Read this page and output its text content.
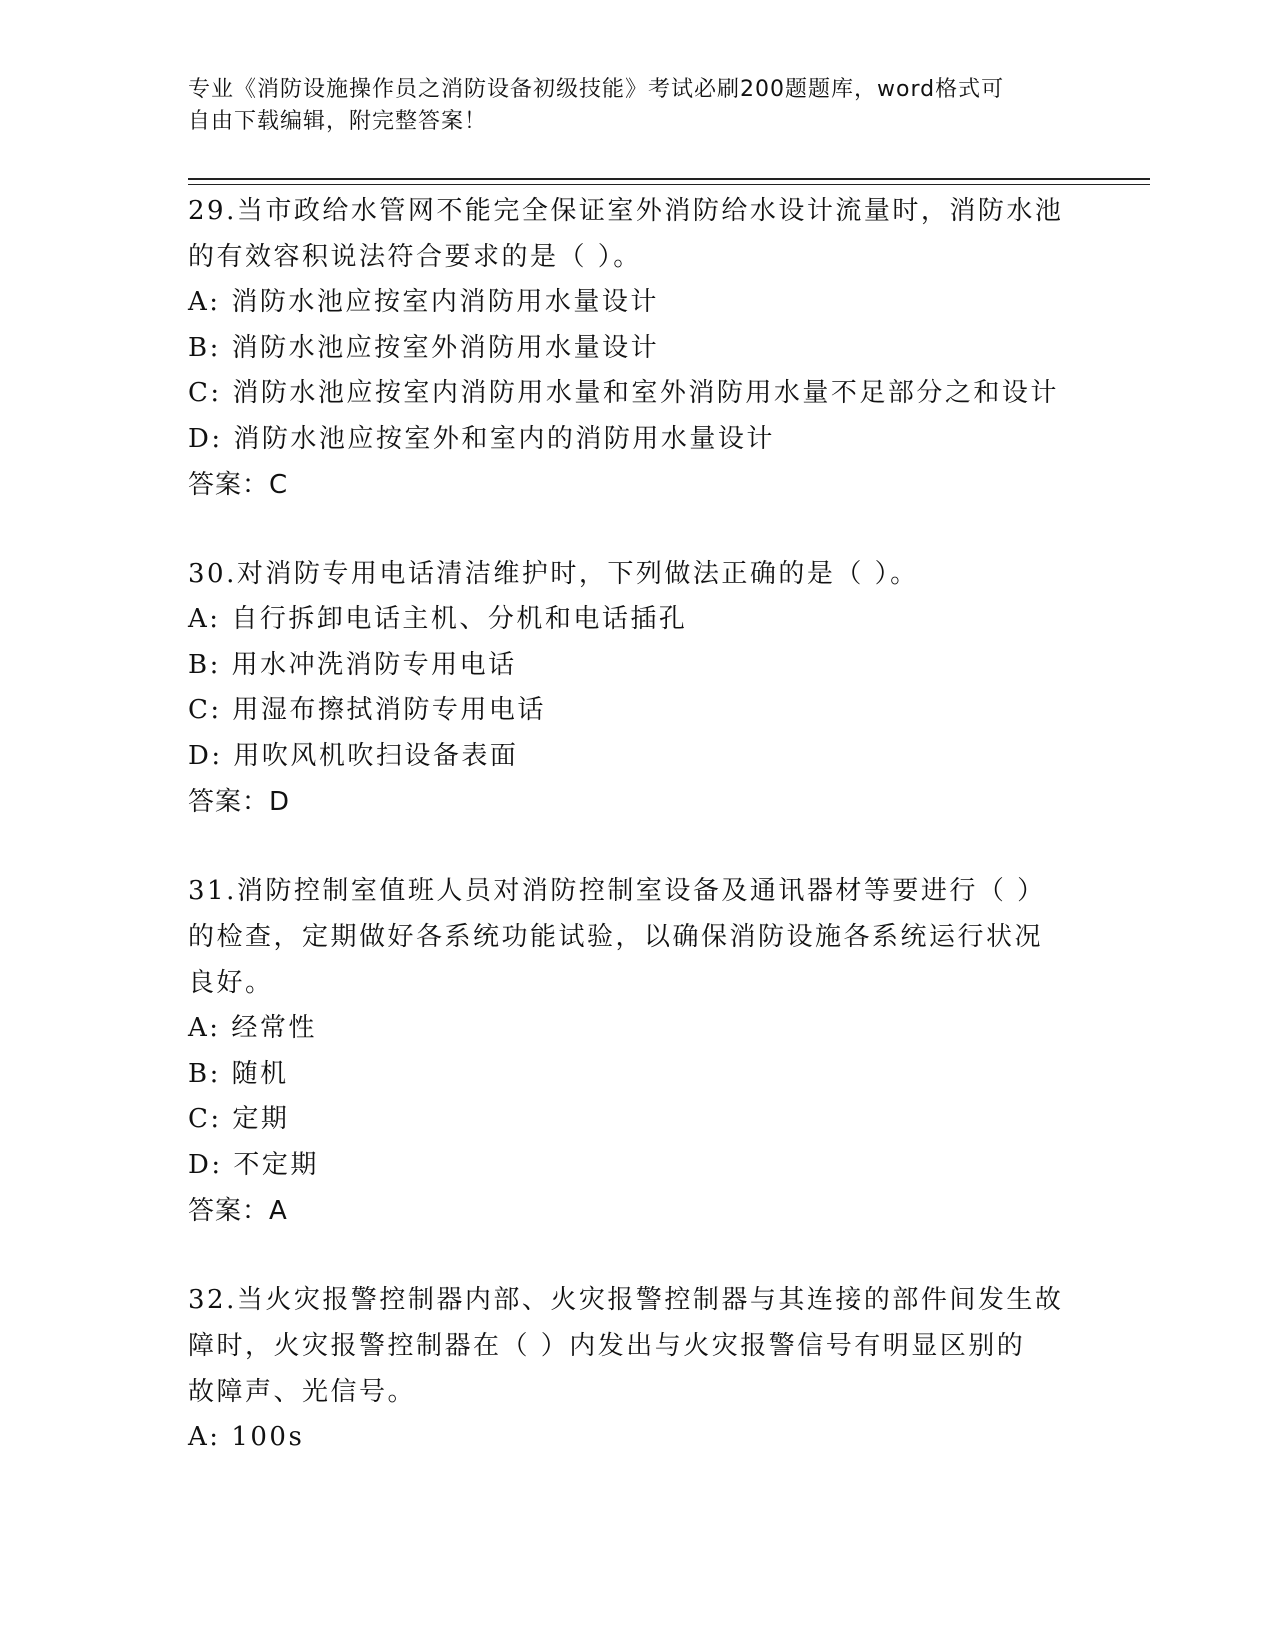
专业《消防设施操作员之消防设备初级技能》考试必刷200题题库，word格式可
自由下载编辑，附完整答案！

29.当市政给水管网不能完全保证室外消防给水设计流量时，消防水池

的有效容积说法符合要求的是（ ）。

A: 消防水池应按室内消防用水量设计

B: 消防水池应按室外消防用水量设计

C: 消防水池应按室内消防用水量和室外消防用水量不足部分之和设计

D: 消防水池应按室外和室内的消防用水量设计

答案：C

30.对消防专用电话清洁维护时，下列做法正确的是（ ）。

A: 自行拆卸电话主机、分机和电话插孔

B: 用水冲洗消防专用电话

C: 用湿布擦拭消防专用电话

D: 用吹风机吹扫设备表面

答案：D

31.消防控制室值班人员对消防控制室设备及通讯器材等要进行（ ）

的检查，定期做好各系统功能试验，以确保消防设施各系统运行状况

良好。

A: 经常性

B: 随机

C: 定期

D: 不定期

答案：A

32.当火灾报警控制器内部、火灾报警控制器与其连接的部件间发生故

障时，火灾报警控制器在（ ）内发出与火灾报警信号有明显区别的

故障声、光信号。

A: 100s
